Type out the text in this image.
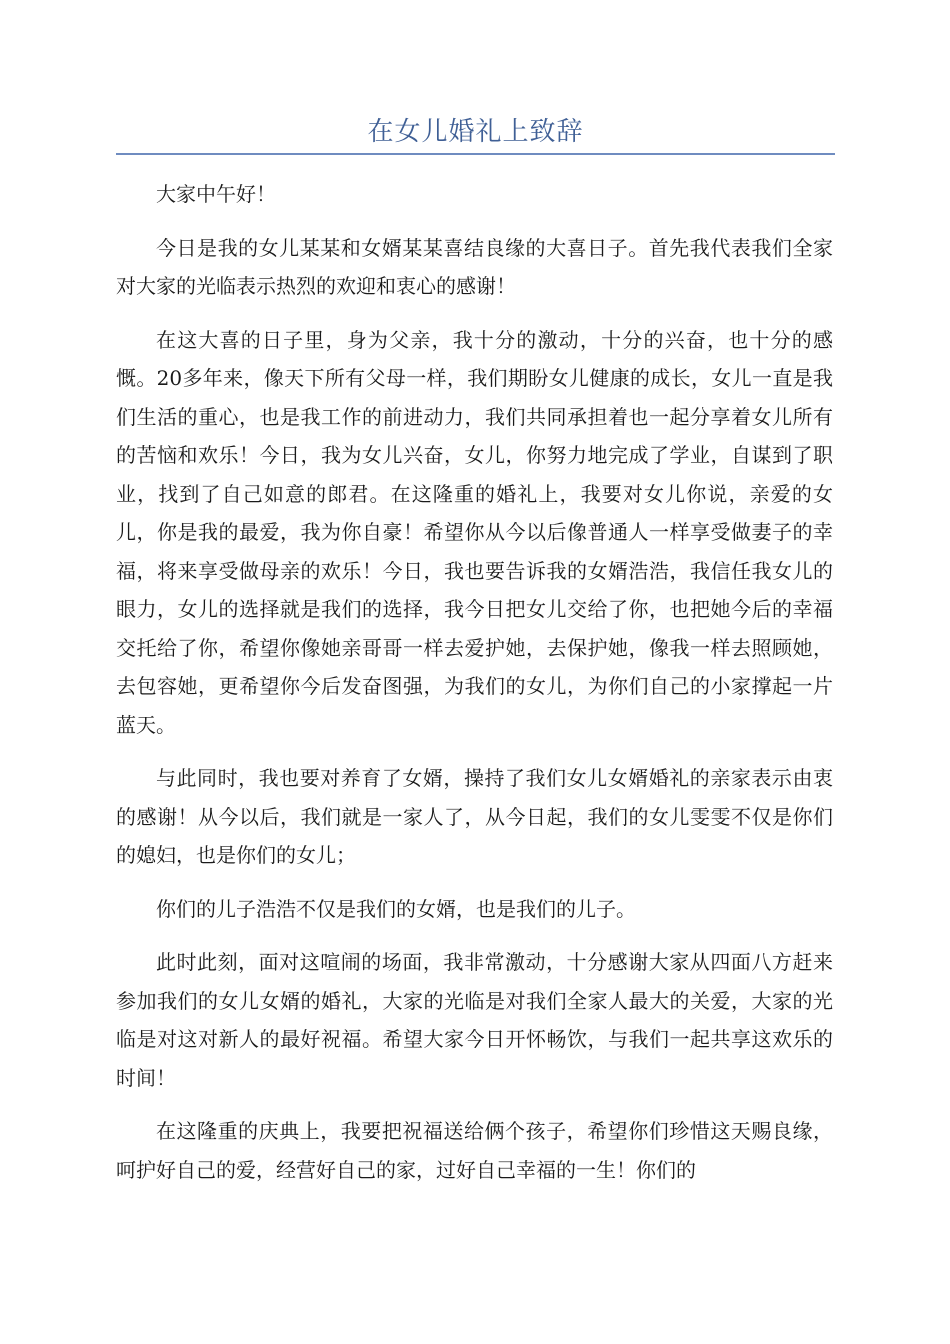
在女儿婚礼上致辞

大家中午好！

今日是我的女儿某某和女婿某某喜结良缘的大喜日子。首先我代表我们全家对大家的光临表示热烈的欢迎和衷心的感谢！

在这大喜的日子里，身为父亲，我十分的激动，十分的兴奋，也十分的感慨。20多年来，像天下所有父母一样，我们期盼女儿健康的成长，女儿一直是我们生活的重心，也是我工作的前进动力，我们共同承担着也一起分享着女儿所有的苦恼和欢乐！今日，我为女儿兴奋，女儿，你努力地完成了学业，自谋到了职业，找到了自己如意的郎君。在这隆重的婚礼上，我要对女儿你说，亲爱的女儿，你是我的最爱，我为你自豪！希望你从今以后像普通人一样享受做妻子的幸福，将来享受做母亲的欢乐！今日，我也要告诉我的女婿浩浩，我信任我女儿的眼力，女儿的选择就是我们的选择，我今日把女儿交给了你，也把她今后的幸福交托给了你，希望你像她亲哥哥一样去爱护她，去保护她，像我一样去照顾她，去包容她，更希望你今后发奋图强，为我们的女儿，为你们自己的小家撑起一片蓝天。

与此同时，我也要对养育了女婿，操持了我们女儿女婿婚礼的亲家表示由衷的感谢！从今以后，我们就是一家人了，从今日起，我们的女儿雯雯不仅是你们的媳妇，也是你们的女儿；

你们的儿子浩浩不仅是我们的女婿，也是我们的儿子。

此时此刻，面对这喧闹的场面，我非常激动，十分感谢大家从四面八方赶来参加我们的女儿女婿的婚礼，大家的光临是对我们全家人最大的关爱，大家的光临是对这对新人的最好祝福。希望大家今日开怀畅饮，与我们一起共享这欢乐的时间！

在这隆重的庆典上，我要把祝福送给俩个孩子，希望你们珍惜这天赐良缘，呵护好自己的爱，经营好自己的家，过好自己幸福的一生！你们的
